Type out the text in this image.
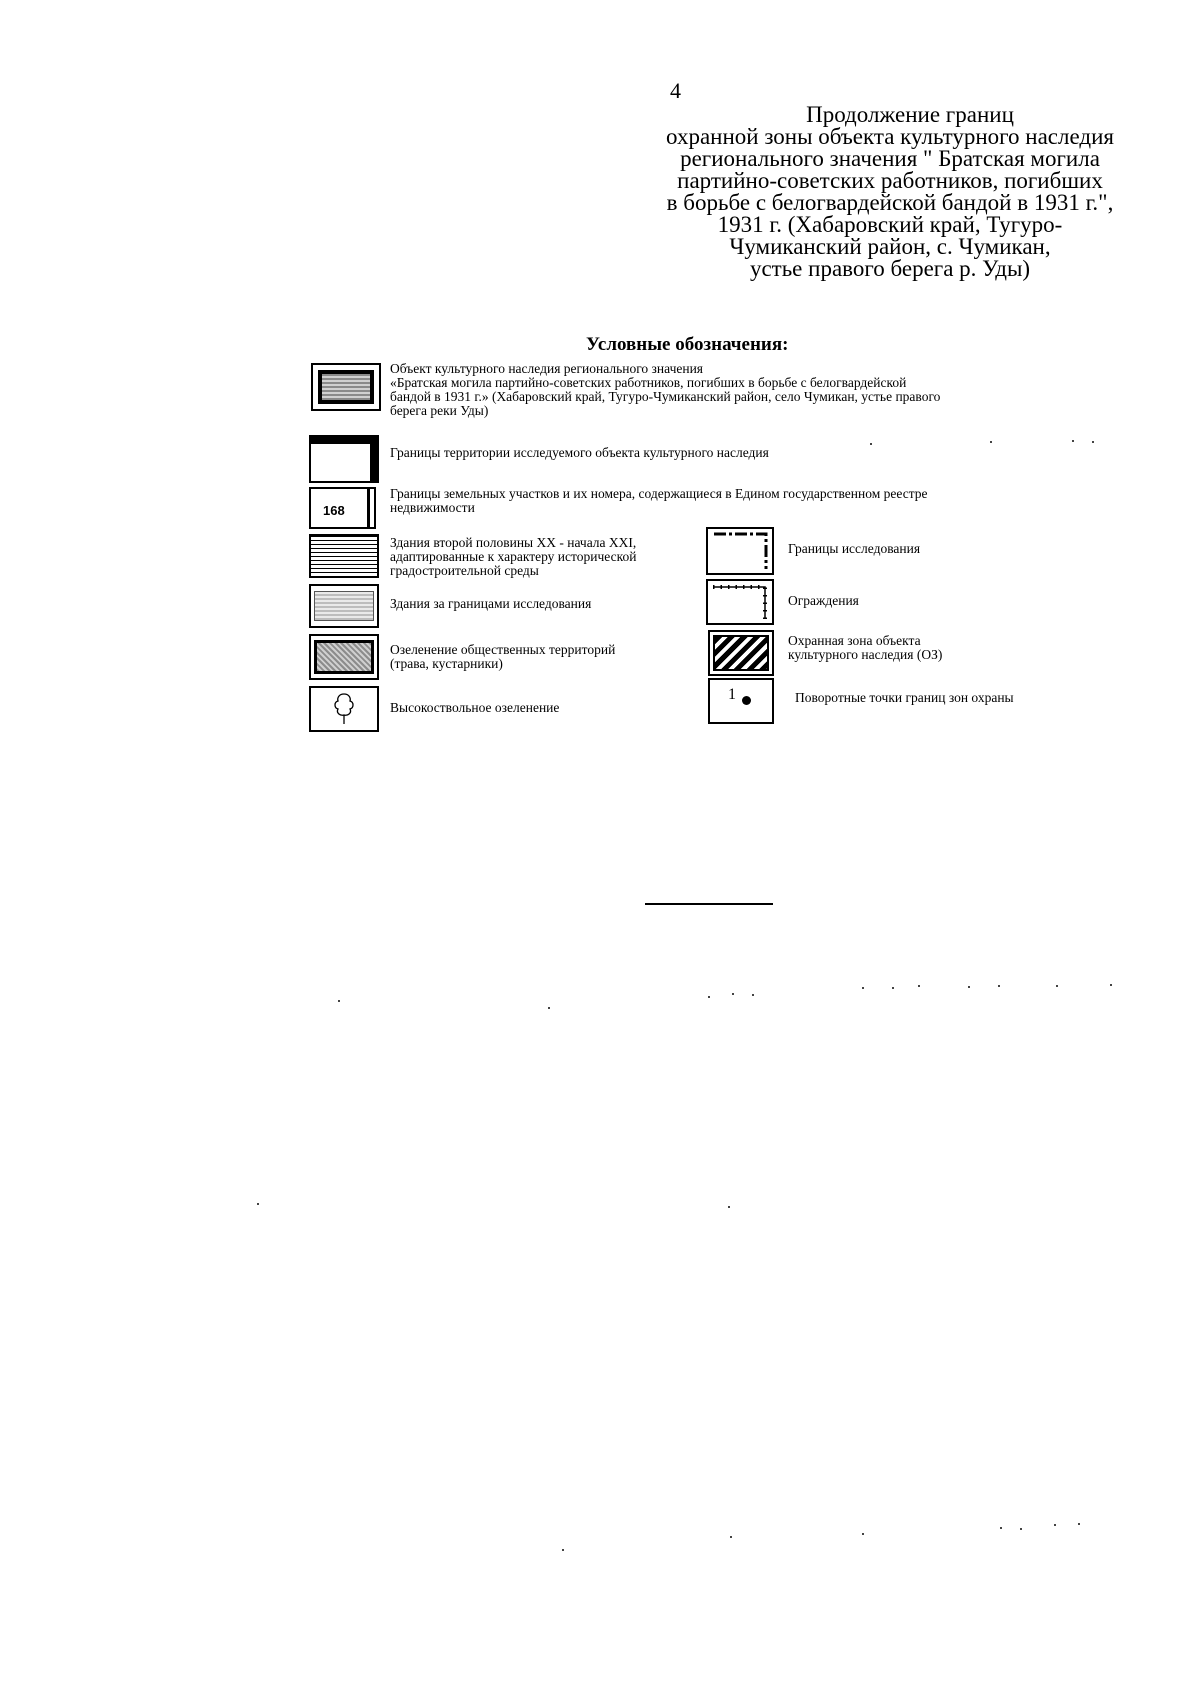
4
Продолжение границ
охранной зоны объекта культурного наследия
регионального значения " Братская могила
партийно-советских работников, погибших
в борьбе с белогвардейской бандой в 1931 г.",
1931 г. (Хабаровский край, Тугуро-
Чумиканский район, с. Чумикан,
устье правого берега р. Уды)
Условные обозначения:
Объект культурного наследия регионального значения
«Братская могила партийно-советских работников, погибших в борьбе с белогвардейской
бандой в 1931 г.» (Хабаровский край, Тугуро-Чумиканский район, село Чумикан, устье правого
берега реки Уды)
Границы территории исследуемого объекта культурного наследия
168
Границы земельных участков и их номера, содержащиеся в Едином государственном реестре
недвижимости
Здания второй половины XX - начала XXI,
адаптированные к характеру исторической
градостроительной среды
Здания за границами исследования
Озеленение общественных территорий
(трава, кустарники)
Высокоствольное озеленение
Границы исследования
Ограждения
Охранная зона объекта
культурного наследия (ОЗ)
1	Поворотные точки границ зон охраны
